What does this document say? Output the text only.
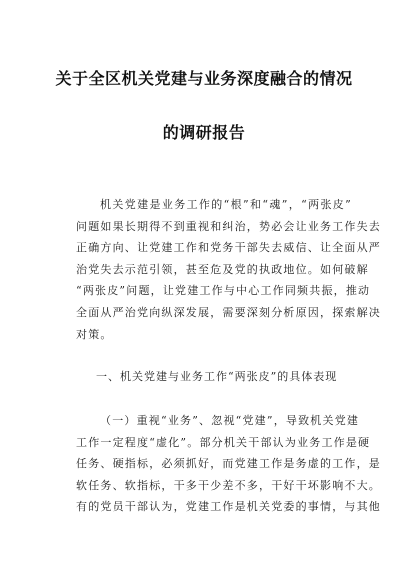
关于全区机关党建与业务深度融合的情况
的调研报告
机关党建是业务工作的“根”和“魂”，“两张皮”
问题如果长期得不到重视和纠治，势必会让业务工作失去
正确方向、让党建工作和党务干部失去威信、让全面从严
治党失去示范引领，甚至危及党的执政地位。如何破解
“两张皮”问题，让党建工作与中心工作同频共振，推动
全面从严治党向纵深发展，需要深刻分析原因，探索解决
对策。
一、机关党建与业务工作“两张皮”的具体表现
（一）重视“业务”、忽视“党建”，导致机关党建
工作一定程度“虚化”。部分机关干部认为业务工作是硬
任务、硬指标，必须抓好，而党建工作是务虚的工作，是
软任务、软指标，干多干少差不多，干好干坏影响不大。
有的党员干部认为，党建工作是机关党委的事情，与其他
